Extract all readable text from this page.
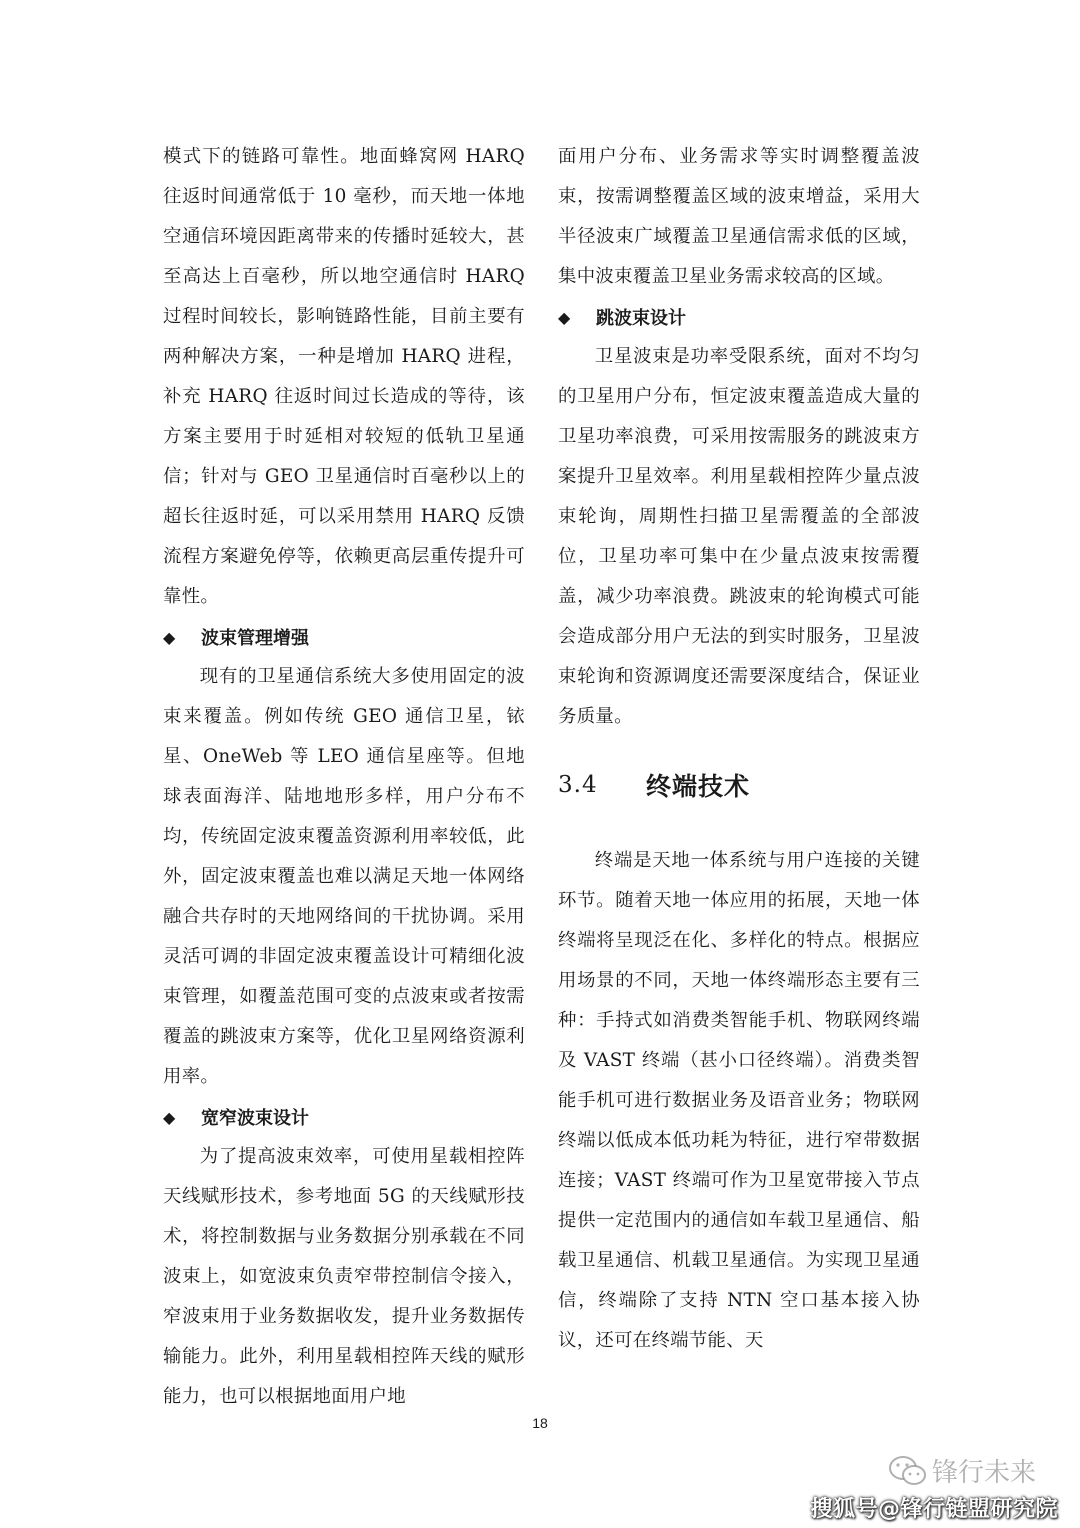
模式下的链路可靠性。地面蜂窝网 HARQ 往返时间通常低于 10 毫秒，而天地一体地空通信环境因距离带来的传播时延较大，甚至高达上百毫秒，所以地空通信时 HARQ 过程时间较长，影响链路性能，目前主要有两种解决方案，一种是增加 HARQ 进程，补充 HARQ 往返时间过长造成的等待，该方案主要用于时延相对较短的低轨卫星通信；针对与 GEO 卫星通信时百毫秒以上的超长往返时延，可以采用禁用 HARQ 反馈流程方案避免停等，依赖更高层重传提升可靠性。

◆	波束管理增强

现有的卫星通信系统大多使用固定的波束来覆盖。例如传统 GEO 通信卫星，铱星、OneWeb 等 LEO 通信星座等。但地球表面海洋、陆地地形多样，用户分布不均，传统固定波束覆盖资源利用率较低，此外，固定波束覆盖也难以满足天地一体网络融合共存时的天地网络间的干扰协调。采用灵活可调的非固定波束覆盖设计可精细化波束管理，如覆盖范围可变的点波束或者按需覆盖的跳波束方案等，优化卫星网络资源利用率。

◆	宽窄波束设计

为了提高波束效率，可使用星载相控阵天线赋形技术，参考地面 5G 的天线赋形技术，将控制数据与业务数据分别承载在不同波束上，如宽波束负责窄带控制信令接入，窄波束用于业务数据收发，提升业务数据传输能力。此外，利用星载相控阵天线的赋形能力，也可以根据地面用户地

面用户分布、业务需求等实时调整覆盖波束，按需调整覆盖区域的波束增益，采用大半径波束广域覆盖卫星通信需求低的区域，集中波束覆盖卫星业务需求较高的区域。

◆	跳波束设计

卫星波束是功率受限系统，面对不均匀的卫星用户分布，恒定波束覆盖造成大量的卫星功率浪费，可采用按需服务的跳波束方案提升卫星效率。利用星载相控阵少量点波束轮询，周期性扫描卫星需覆盖的全部波位，卫星功率可集中在少量点波束按需覆盖，减少功率浪费。跳波束的轮询模式可能会造成部分用户无法的到实时服务，卫星波束轮询和资源调度还需要深度结合，保证业务质量。

3.4	终端技术

终端是天地一体系统与用户连接的关键环节。随着天地一体应用的拓展，天地一体终端将呈现泛在化、多样化的特点。根据应用场景的不同，天地一体终端形态主要有三种：手持式如消费类智能手机、物联网终端及 VAST 终端（甚小口径终端）。消费类智能手机可进行数据业务及语音业务；物联网终端以低成本低功耗为特征，进行窄带数据连接；VAST 终端可作为卫星宽带接入节点提供一定范围内的通信如车载卫星通信、船载卫星通信、机载卫星通信。为实现卫星通信，终端除了支持 NTN 空口基本接入协议，还可在终端节能、天

18
锋行未来
搜狐号@锋行链盟研究院
